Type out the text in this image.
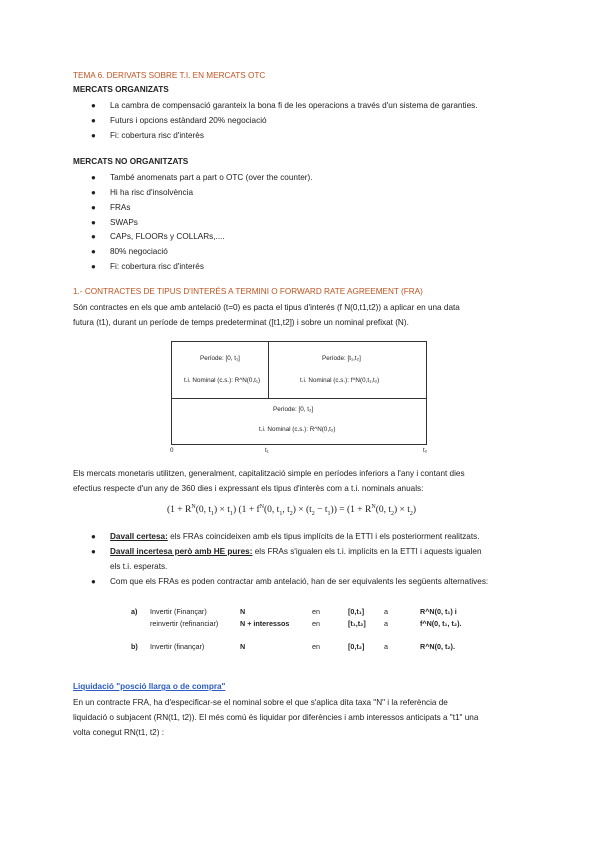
TEMA 6. DERIVATS SOBRE T.I. EN MERCATS OTC
MERCATS ORGANIZATS
● La cambra de compensació garanteix la bona fi de les operacions a través d'un sistema de garanties.
● Futurs i opcions estàndard 20% negociació
● Fi: cobertura risc d'interès
MERCATS NO ORGANITZATS
● També anomenats part a part o OTC (over the counter).
● Hi ha risc d'insolvència
● FRAs
● SWAPs
● CAPs, FLOORs y COLLARs,....
● 80% negociació
● Fi: cobertura risc d'interés
1.- CONTRACTES DE TIPUS D'INTERÉS A TERMINI O FORWARD RATE AGREEMENT (FRA)
Són contractes en els que amb antelació (t=0) es pacta el tipus d'interés (f N(0,t1,t2)) a aplicar en una data
futura (t1), durant un període de temps predeterminat ([t1,t2]) i sobre un nominal prefixat (N).
Període: [0, t₁]
t.i. Nominal (c.s.): R^N(0,t₁)
Període: [t₁,t₂]
t.i. Nominal (c.s.): f^N(0,t₁,t₂)
Període: [0, t₂]
t.i. Nominal (c.s.): R^N(0,t₂)
0	t₁	t₂
Els mercats monetaris utilitzen, generalment, capitalització simple en períodes inferiors a l'any i contant dies
efectius respecte d'un any de 360 dies i expressant els tipus d'interès com a t.i. nominals anuals:
($1 + R^N(0$, $t_1) \times t_1$) ($1 + f^N(0$, $t_1$, $t_2) \times (t_2 - t_1)) = (1 + R^N(0$, $t_2) \times t_2$)
● Davall certesa: els FRAs coincideixen amb els tipus implícits de la ETTI i els posteriorment realitzats.
● Davall incertesa però amb HE pures: els FRAs s'igualen els t.i. implícits en la ETTI i aquests igualen
els t.i. esperats.
● Com que els FRAs es poden contractar amb antelació, han de ser equivalents les següents alternatives:
a) Invertir (Finançar)	N	en	[0,t₁]	a	R^N(0, t₁) i
reinvertir (refinanciar)	N + interessos	en	[t₁,t₂]	a	f^N(0, t₁, t₂).
b) Invertir (finançar)	N	en	[0,t₂]	a	R^N(0, t₂).
Liquidació "posció llarga o de compra"
En un contracte FRA, ha d'especificar-se el nominal sobre el que s'aplica dita taxa "N" i la referència de
liquidació o subjacent (RN(t1, t2)). El més comú és liquidar por diferències i amb interessos anticipats a "t1" una
volta conegut RN(t1, t2) :
